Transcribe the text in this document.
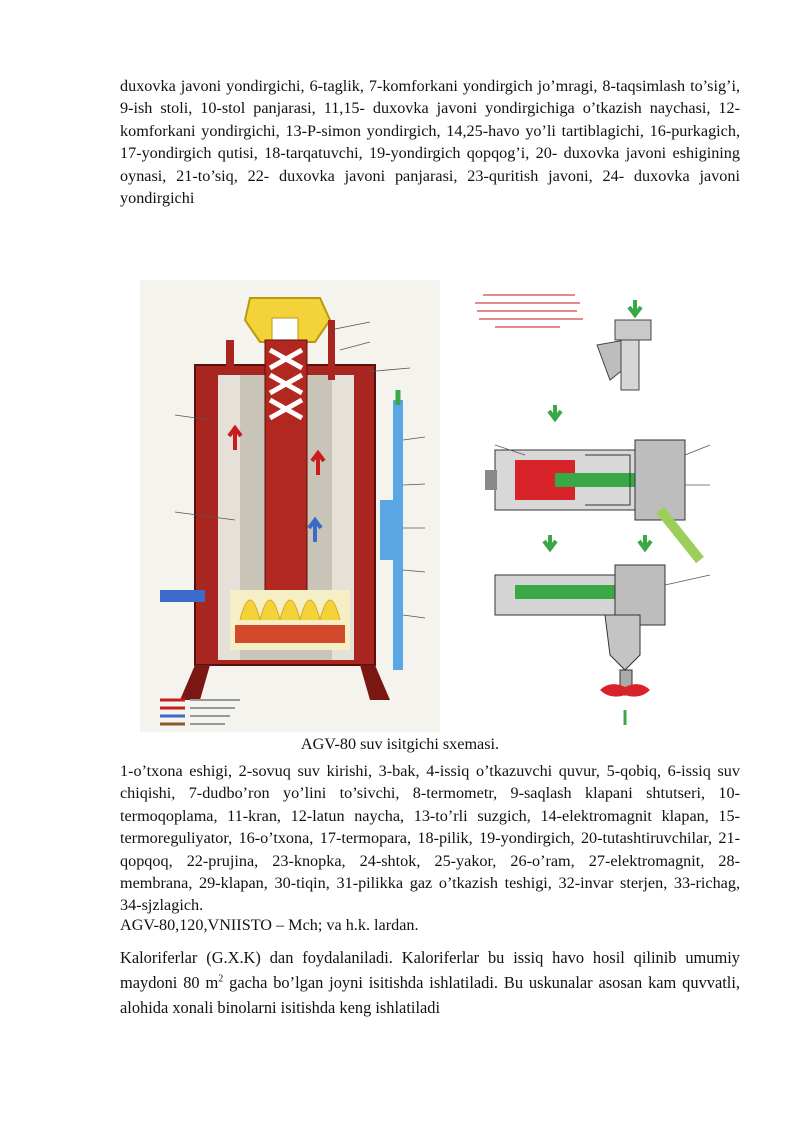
duxovka javoni yondirgichi, 6-taglik, 7-komforkani yondirgich jo’mragi, 8-taqsimlash to’sig’i, 9-ish stoli, 10-stol panjarasi, 11,15- duxovka javoni yondirgichiga o’tkazish naychasi, 12- komforkani yondirgichi, 13-P-simon yondirgich, 14,25-havo yo’li tartiblagichi, 16-purkagich, 17-yondirgich qutisi, 18-tarqatuvchi, 19-yondirgich qopqog’i, 20- duxovka javoni eshigining oynasi, 21-to’siq, 22- duxovka javoni panjarasi, 23-quritish javoni, 24- duxovka javoni yondirgichi

AGV-80 suv isitgichi sxemasi.

1-o’txona eshigi, 2-sovuq suv kirishi, 3-bak, 4-issiq o’tkazuvchi quvur, 5-qobiq, 6-issiq suv chiqishi, 7-dudbo’ron yo’lini to’sivchi, 8-termometr, 9-saqlash klapani shtutseri, 10-termoqoplama, 11-kran, 12-latun naycha, 13-to’rli suzgich, 14-elektromagnit klapan, 15-termoreguliyator, 16-o’txona, 17-termopara, 18-pilik, 19-yondirgich, 20-tutashtiruvchilar, 21-qopqoq, 22-prujina, 23-knopka, 24-shtok, 25-yakor, 26-o’ram, 27-elektromagnit, 28-membrana, 29-klapan, 30-tiqin, 31-pilikka gaz o’tkazish teshigi, 32-invar sterjen, 33-richag, 34-sjzlagich.

AGV-80,120,VNIISTO – Mch; va h.k. lardan.

Kaloriferlar (G.X.K) dan foydalaniladi. Kaloriferlar bu issiq havo hosil qilinib umumiy maydoni 80 $m^2$ gacha bo’lgan joyni isitishda ishlatiladi. Bu uskunalar asosan kam quvvatli, alohida xonali binolarni isitishda keng ishlatiladi
